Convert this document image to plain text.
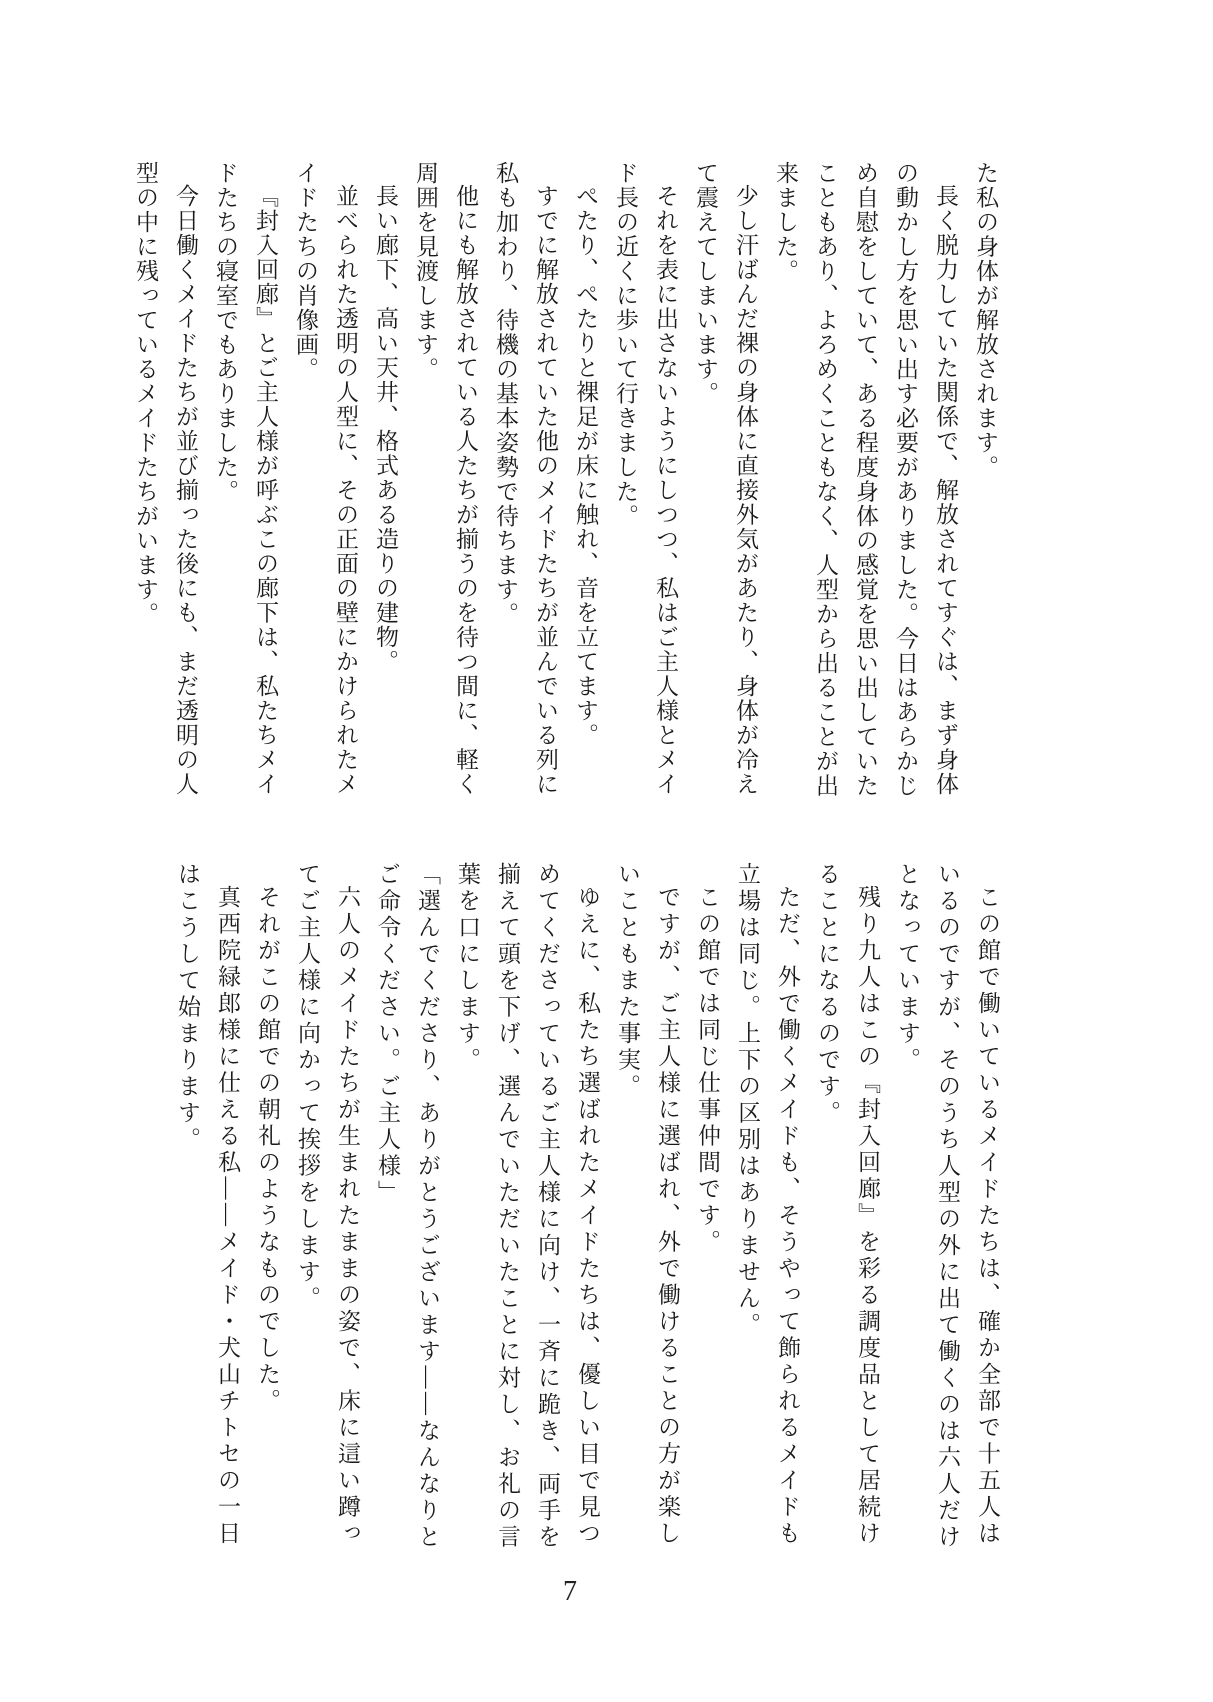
た私の身体が解放されます。

長く脱力していた関係で、解放されてすぐは、まず身体の動かし方を思い出す必要がありました。今日はあらかじめ自慰をしていて、ある程度身体の感覚を思い出していたこともあり、よろめくこともなく、人型から出ることが出来ました。

少し汗ばんだ裸の身体に直接外気があたり、身体が冷えて震えてしまいます。

それを表に出さないようにしつつ、私はご主人様とメイド長の近くに歩いて行きました。

ぺたり、ぺたりと裸足が床に触れ、音を立てます。

すでに解放されていた他のメイドたちが並んでいる列に私も加わり、待機の基本姿勢で待ちます。

他にも解放されている人たちが揃うのを待つ間に、軽く周囲を見渡します。

長い廊下、高い天井、格式ある造りの建物。

並べられた透明の人型に、その正面の壁にかけられたメイドたちの肖像画。

『封入回廊』とご主人様が呼ぶこの廊下は、私たちメイドたちの寝室でもありました。

今日働くメイドたちが並び揃った後にも、まだ透明の人型の中に残っているメイドたちがいます。

この館で働いているメイドたちは、確か全部で十五人はいるのですが、そのうち人型の外に出て働くのは六人だけとなっています。

残り九人はこの『封入回廊』を彩る調度品として居続けることになるのです。

ただ、外で働くメイドも、そうやって飾られるメイドも立場は同じ。上下の区別はありません。

この館では同じ仕事仲間です。

ですが、ご主人様に選ばれ、外で働けることの方が楽しいこともまた事実。

ゆえに、私たち選ばれたメイドたちは、優しい目で見つめてくださっているご主人様に向け、一斉に跪き、両手を揃えて頭を下げ、選んでいただいたことに対し、お礼の言葉を口にします。

「選んでくださり、ありがとうございます――なんなりとご命令ください。ご主人様」

六人のメイドたちが生まれたままの姿で、床に這い蹲ってご主人様に向かって挨拶をします。

それがこの館での朝礼のようなものでした。

真西院緑郎様に仕える私――メイド・犬山チトセの一日はこうして始まります。

7
